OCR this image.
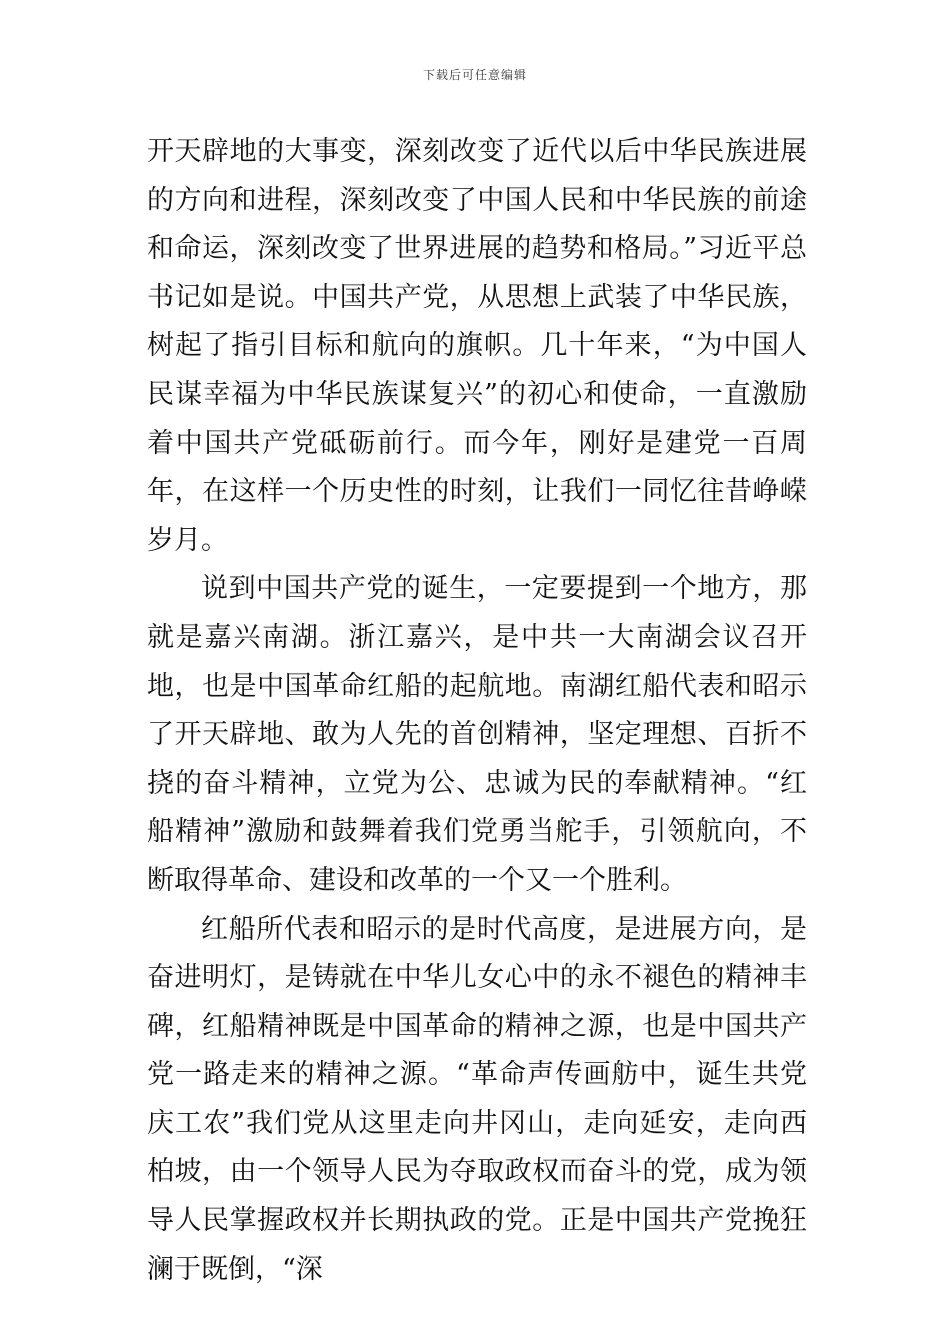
下载后可任意编辑

开天辟地的大事变，深刻改变了近代以后中华民族进展的方向和进程，深刻改变了中国人民和中华民族的前途和命运，深刻改变了世界进展的趋势和格局。”习近平总书记如是说。中国共产党，从思想上武装了中华民族，树起了指引目标和航向的旗帜。几十年来，“为中国人民谋幸福为中华民族谋复兴”的初心和使命，一直激励着中国共产党砥砺前行。而今年，刚好是建党一百周年，在这样一个历史性的时刻，让我们一同忆往昔峥嵘岁月。

说到中国共产党的诞生，一定要提到一个地方，那就是嘉兴南湖。浙江嘉兴，是中共一大南湖会议召开地，也是中国革命红船的起航地。南湖红船代表和昭示了开天辟地、敢为人先的首创精神，坚定理想、百折不挠的奋斗精神，立党为公、忠诚为民的奉献精神。“红船精神”激励和鼓舞着我们党勇当舵手，引领航向，不断取得革命、建设和改革的一个又一个胜利。

红船所代表和昭示的是时代高度，是进展方向，是奋进明灯，是铸就在中华儿女心中的永不褪色的精神丰碑，红船精神既是中国革命的精神之源，也是中国共产党一路走来的精神之源。“革命声传画舫中，诞生共党庆工农”我们党从这里走向井冈山，走向延安，走向西柏坡，由一个领导人民为夺取政权而奋斗的党，成为领导人民掌握政权并长期执政的党。正是中国共产党挽狂澜于既倒，“深
